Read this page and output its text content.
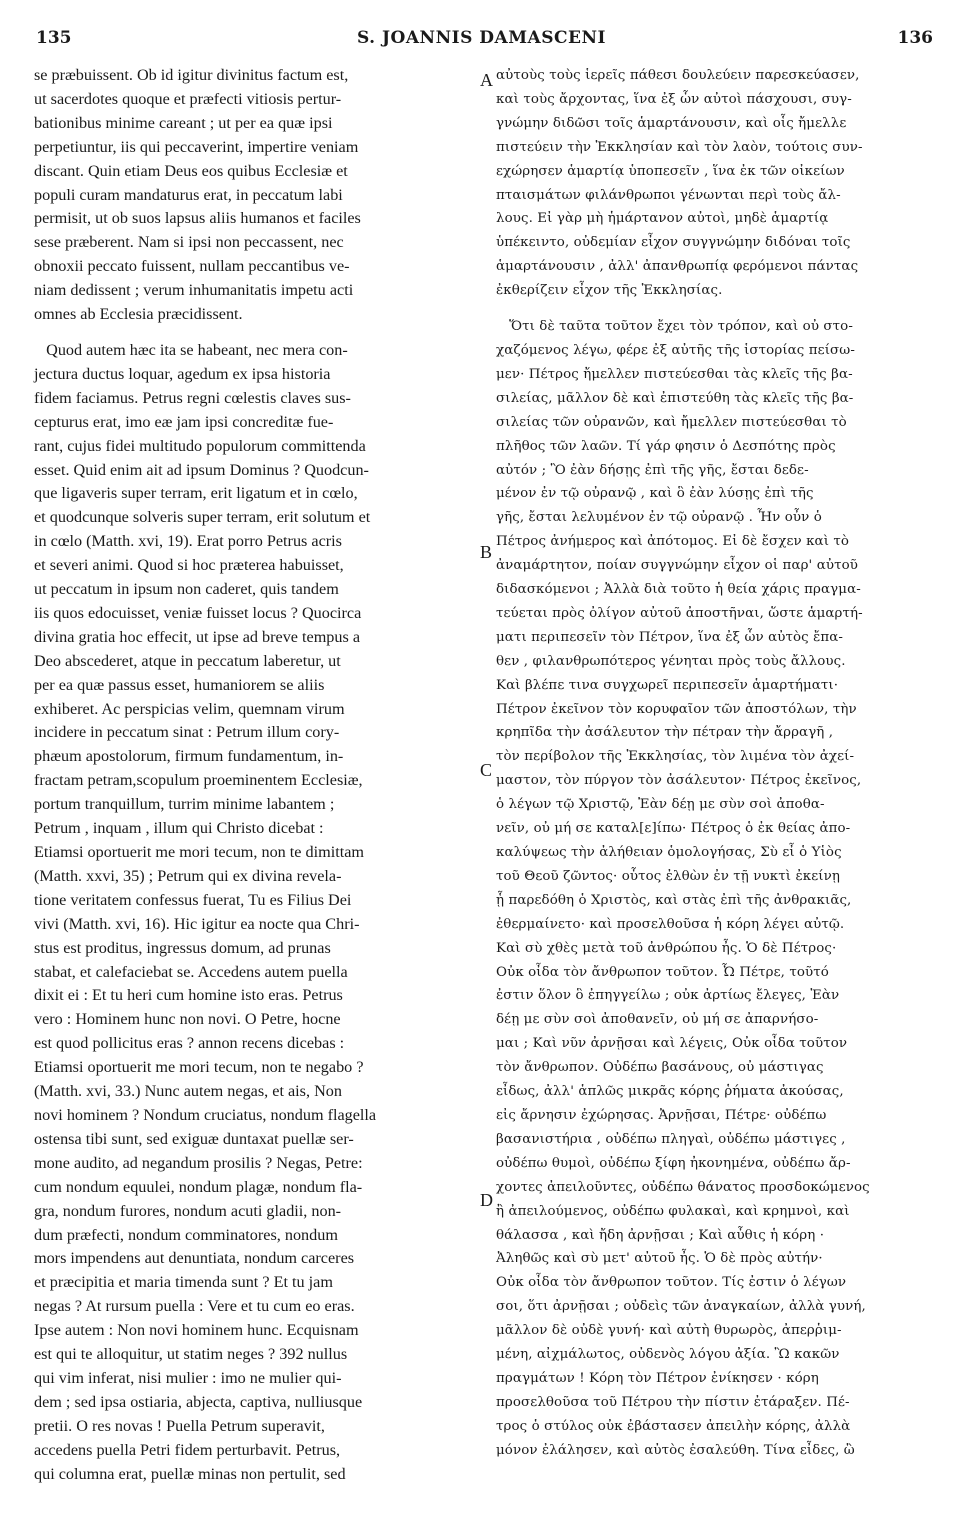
135	S. JOANNIS DAMASCENI	136

se præbuissent. Ob id igitur divinitus factum est,

ut sacerdotes quoque et præfecti vitiosis pertur-

bationibus minime careant ; ut per ea quæ ipsi

perpetiuntur, iis qui peccaverint, impertire veniam

discant. Quin etiam Deus eos quibus Ecclesiæ et

populi curam mandaturus erat, in peccatum labi

permisit, ut ob suos lapsus aliis humanos et faciles

sese præberent. Nam si ipsi non peccassent, nec

obnoxii peccato fuissent, nullam peccantibus ve-

niam dedissent ; verum inhumanitatis impetu acti

omnes ab Ecclesia præcidissent.

Quod autem hæc ita se habeant, nec mera con-

jectura ductus loquar, agedum ex ipsa historia

fidem faciamus. Petrus regni cœlestis claves sus-

cepturus erat, imo eæ jam ipsi concreditæ fue-

rant, cujus fidei multitudo populorum committenda

esset. Quid enim ait ad ipsum Dominus ? Quodcun-

que ligaveris super terram, erit ligatum et in cœlo,

et quodcunque solveris super terram, erit solutum et

in cœlo (Matth. xvi, 19). Erat porro Petrus acris

et severi animi. Quod si hoc præterea habuisset,

ut peccatum in ipsum non caderet, quis tandem

iis quos edocuisset, veniæ fuisset locus ? Quocirca

divina gratia hoc effecit, ut ipse ad breve tempus a

Deo abscederet, atque in peccatum laberetur, ut

per ea quæ passus esset, humaniorem se aliis

exhiberet. Ac perspicias velim, quemnam virum

incidere in peccatum sinat : Petrum illum cory-

phæum apostolorum, firmum fundamentum, in-

fractam petram,scopulum proeminentem Ecclesiæ,

portum tranquillum, turrim minime labantem ;

Petrum , inquam , illum qui Christo dicebat :

Etiamsi oportuerit me mori tecum, non te dimittam

(Matth. xxvi, 35) ; Petrum qui ex divina revela-

tione veritatem confessus fuerat, Tu es Filius Dei

vivi (Matth. xvi, 16). Hic igitur ea nocte qua Chri-

stus est proditus, ingressus domum, ad prunas

stabat, et calefaciebat se. Accedens autem puella

dixit ei : Et tu heri cum homine isto eras. Petrus

vero : Hominem hunc non novi. O Petre, hocne

est quod pollicitus eras ? annon recens dicebas :

Etiamsi oportuerit me mori tecum, non te negabo ?

(Matth. xvi, 33.) Nunc autem negas, et ais, Non

novi hominem ? Nondum cruciatus, nondum flagella

ostensa tibi sunt, sed exiguæ duntaxat puellæ ser-

mone audito, ad negandum prosilis ? Negas, Petre:

cum nondum equulei, nondum plagæ, nondum fla-

gra, nondum furores, nondum acuti gladii, non-

dum præfecti, nondum comminatores, nondum

mors impendens aut denuntiata, nondum carceres

et præcipitia et maria timenda sunt ? Et tu jam

negas ? At rursum puella : Vere et tu cum eo eras.

Ipse autem : Non novi hominem hunc. Ecquisnam

est qui te alloquitur, ut statim neges ? 392 nullus

qui vim inferat, nisi mulier : imo ne mulier qui-

dem ; sed ipsa ostiaria, abjecta, captiva, nulliusque

pretii. O res novas ! Puella Petrum superavit,

accedens puella Petri fidem perturbavit. Petrus,

qui columna erat, puellæ minas non pertulit, sed

αὐτοὺς τοὺς ἱερεῖς πάθεσι δουλεύειν παρεσκεύασεν,

καὶ τοὺς ἄρχοντας, ἵνα ἐξ ὧν αὐτοὶ πάσχουσι, συγ-

γνώμην διδῶσι τοῖς ἁμαρτάνουσιν, καὶ οἷς ἤμελλε

πιστεύειν τὴν Ἐκκλησίαν καὶ τὸν λαὸν, τούτοις συν-

εχώρησεν ἁμαρτίᾳ ὑποπεσεῖν , ἵνα ἐκ τῶν οἰκείων

πταισμάτων φιλάνθρωποι γένωνται περὶ τοὺς ἄλ-

λους. Εἰ γὰρ μὴ ἡμάρτανον αὐτοὶ, μηδὲ ἁμαρτίᾳ

ὑπέκειντο, οὐδεμίαν εἶχον συγγνώμην διδόναι τοῖς

ἁμαρτάνουσιν , ἀλλ' ἀπανθρωπίᾳ φερόμενοι πάντας

ἐκθερίζειν εἶχον τῆς Ἐκκλησίας.

Ὅτι δὲ ταῦτα τοῦτον ἔχει τὸν τρόπον, καὶ οὐ στο-

χαζόμενος λέγω, φέρε ἐξ αὐτῆς τῆς ἱστορίας πείσω-

μεν· Πέτρος ἤμελλεν πιστεύεσθαι τὰς κλεῖς τῆς βα-

σιλείας, μᾶλλον δὲ καὶ ἐπιστεύθη τὰς κλεῖς τῆς βα-

σιλείας τῶν οὐρανῶν, καὶ ἤμελλεν πιστεύεσθαι τὸ

πλῆθος τῶν λαῶν. Τί γάρ φησιν ὁ Δεσπότης πρὸς

αὐτόν ; Ὃ ἐὰν δήσῃς ἐπὶ τῆς γῆς, ἔσται δεδε-

μένον ἐν τῷ οὐρανῷ , καὶ ὃ ἐὰν λύσῃς ἐπὶ τῆς

γῆς, ἔσται λελυμένον ἐν τῷ οὐρανῷ . Ἦν οὖν ὁ

Πέτρος ἀνήμερος καὶ ἀπότομος. Εἰ δὲ ἔσχεν καὶ τὸ

ἀναμάρτητον, ποίαν συγγνώμην εἶχον οἱ παρ' αὐτοῦ

διδασκόμενοι ; Ἀλλὰ διὰ τοῦτο ἡ θεία χάρις πραγμα-

τεύεται πρὸς ὀλίγον αὐτοῦ ἀποστῆναι, ὥστε ἁμαρτή-

ματι περιπεσεῖν τὸν Πέτρον, ἵνα ἐξ ὧν αὐτὸς ἔπα-

θεν , φιλανθρωπότερος γένηται πρὸς τοὺς ἄλλους.

Καὶ βλέπε τινα συγχωρεῖ περιπεσεῖν ἁμαρτήματι·

Πέτρον ἐκεῖνον τὸν κορυφαῖον τῶν ἀποστόλων, τὴν

κρηπῖδα τὴν ἀσάλευτον τὴν πέτραν τὴν ἄρραγῆ ,

τὸν περίβολον τῆς Ἐκκλησίας, τὸν λιμένα τὸν ἀχεί-

μαστον, τὸν πύργον τὸν ἀσάλευτον· Πέτρος ἐκεῖνος,

ὁ λέγων τῷ Χριστῷ, Ἐὰν δέῃ με σὺν σοὶ ἀποθα-

νεῖν, οὐ μή σε καταλ[ε]ίπω· Πέτρος ὁ ἐκ θείας ἀπο-

καλύψεως τὴν ἀλήθειαν ὁμολογήσας, Σὺ εἶ ὁ Υἱὸς

τοῦ Θεοῦ ζῶντος· οὗτος ἐλθὼν ἐν τῇ νυκτὶ ἐκείνῃ

ᾗ παρεδόθη ὁ Χριστὸς, καὶ στὰς ἐπὶ τῆς ἀνθρακιᾶς,

ἐθερμαίνετο· καὶ προσελθοῦσα ἡ κόρη λέγει αὐτῷ.

Καὶ σὺ χθὲς μετὰ τοῦ ἀνθρώπου ἦς. Ὁ δὲ Πέτρος·

Οὐκ οἶδα τὸν ἄνθρωπον τοῦτον. Ὦ Πέτρε, τοῦτό

ἐστιν ὅλον ὃ ἐπηγγείλω ; οὐκ ἀρτίως ἔλεγες, Ἐὰν

δέῃ με σὺν σοὶ ἀποθανεῖν, οὐ μή σε ἀπαρνήσο-

μαι ; Καὶ νῦν ἀρνῇσαι καὶ λέγεις, Οὐκ οἶδα τοῦτον

τὸν ἄνθρωπον. Οὐδέπω βασάνους, οὐ μάστιγας

εἶδως, ἀλλ' ἁπλῶς μικρᾶς κόρης ῥήματα ἀκούσας,

εἰς ἄρνησιν ἐχώρησας. Ἀρνῇσαι, Πέτρε· οὐδέπω

βασανιστήρια , οὐδέπω πληγαὶ, οὐδέπω μάστιγες ,

οὐδέπω θυμοὶ, οὐδέπω ξίφη ἠκονημένα, οὐδέπω ἄρ-

χοντες ἀπειλοῦντες, οὐδέπω θάνατος προσδοκώμενος

ἢ ἀπειλούμενος, οὐδέπω φυλακαὶ, καὶ κρημνοὶ, καὶ

θάλασσα , καὶ ἤδη ἀρνῇσαι ; Καὶ αὖθις ἡ κόρη ·

Ἀληθῶς καὶ σὺ μετ' αὐτοῦ ἦς. Ὁ δὲ πρὸς αὐτήν·

Οὐκ οἶδα τὸν ἄνθρωπον τοῦτον. Τίς ἐστιν ὁ λέγων

σοι, ὅτι ἀρνῇσαι ; οὐδεὶς τῶν ἀναγκαίων, ἀλλὰ γυνή,

μᾶλλον δὲ οὐδὲ γυνή· καὶ αὐτὴ θυρωρὸς, ἀπερῥιμ-

μένη, αἰχμάλωτος, οὐδενὸς λόγου ἀξία. Ὢ κακῶν

πραγμάτων ! Κόρη τὸν Πέτρον ἐνίκησεν · κόρη

προσελθοῦσα τοῦ Πέτρου τὴν πίστιν ἐτάραξεν. Πέ-

τρος ὁ στύλος οὐκ ἐβάστασεν ἀπειλὴν κόρης, ἀλλὰ

μόνον ἐλάλησεν, καὶ αὐτὸς ἐσαλεύθη. Τίνα εἶδες, ὢ

A
B
C
D
